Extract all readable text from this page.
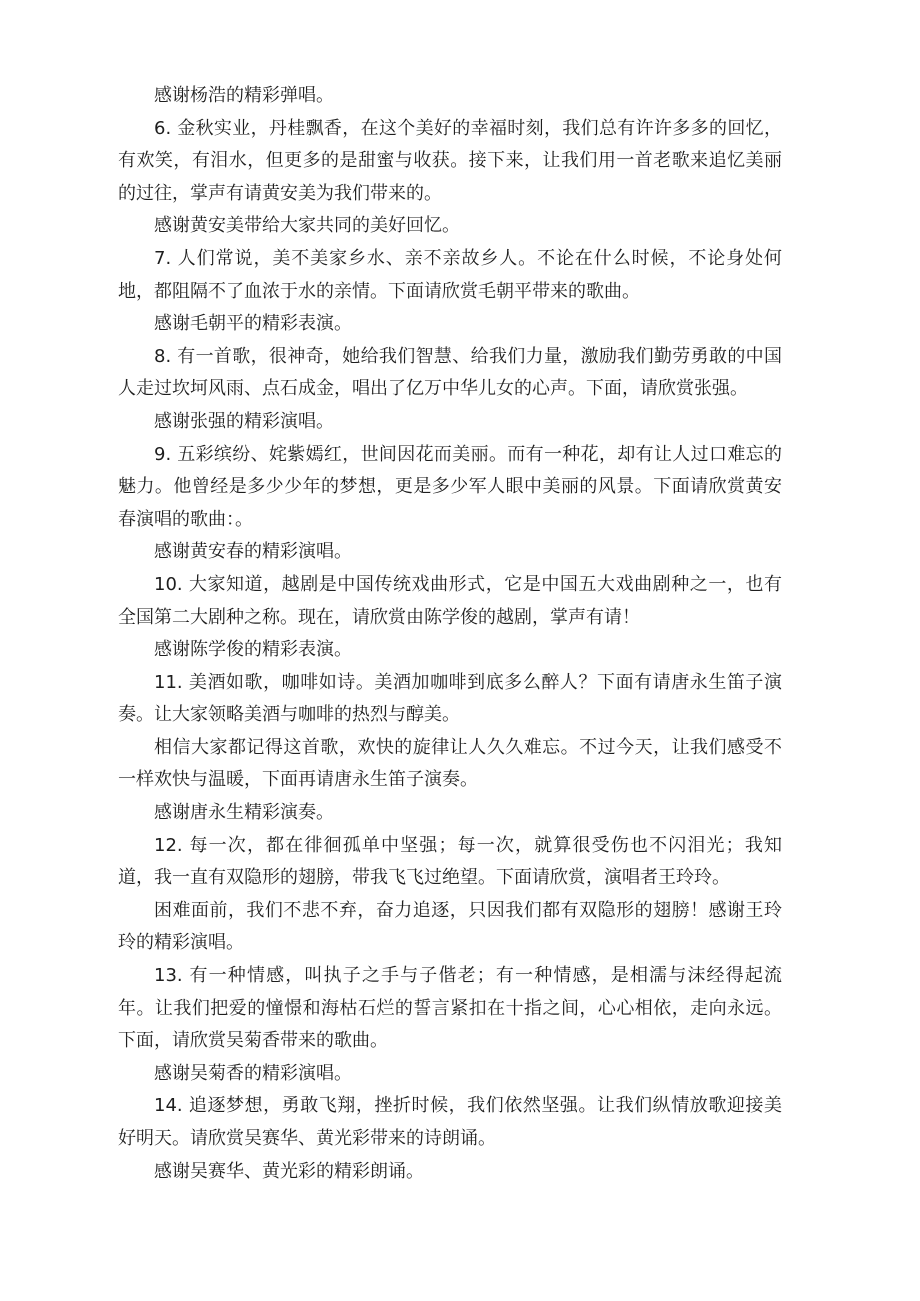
感谢杨浩的精彩弹唱。

6. 金秋实业，丹桂飘香，在这个美好的幸福时刻，我们总有许许多多的回忆，有欢笑，有泪水，但更多的是甜蜜与收获。接下来，让我们用一首老歌来追忆美丽的过往，掌声有请黄安美为我们带来的。

感谢黄安美带给大家共同的美好回忆。

7. 人们常说，美不美家乡水、亲不亲故乡人。不论在什么时候，不论身处何地，都阻隔不了血浓于水的亲情。下面请欣赏毛朝平带来的歌曲。

感谢毛朝平的精彩表演。

8. 有一首歌，很神奇，她给我们智慧、给我们力量，激励我们勤劳勇敢的中国人走过坎坷风雨、点石成金，唱出了亿万中华儿女的心声。下面，请欣赏张强。

感谢张强的精彩演唱。

9. 五彩缤纷、姹紫嫣红，世间因花而美丽。而有一种花，却有让人过口难忘的魅力。他曾经是多少少年的梦想，更是多少军人眼中美丽的风景。下面请欣赏黄安春演唱的歌曲：。

感谢黄安春的精彩演唱。

10. 大家知道，越剧是中国传统戏曲形式，它是中国五大戏曲剧种之一，也有全国第二大剧种之称。现在，请欣赏由陈学俊的越剧，掌声有请！

感谢陈学俊的精彩表演。

11. 美酒如歌，咖啡如诗。美酒加咖啡到底多么醉人？下面有请唐永生笛子演奏。让大家领略美酒与咖啡的热烈与醇美。

相信大家都记得这首歌，欢快的旋律让人久久难忘。不过今天，让我们感受不一样欢快与温暖，下面再请唐永生笛子演奏。

感谢唐永生精彩演奏。

12. 每一次，都在徘徊孤单中坚强；每一次，就算很受伤也不闪泪光；我知道，我一直有双隐形的翅膀，带我飞飞过绝望。下面请欣赏，演唱者王玲玲。

困难面前，我们不悲不弃，奋力追逐，只因我们都有双隐形的翅膀！感谢王玲玲的精彩演唱。

13. 有一种情感，叫执子之手与子偕老；有一种情感，是相濡与沫经得起流年。让我们把爱的憧憬和海枯石烂的誓言紧扣在十指之间，心心相依，走向永远。下面，请欣赏吴菊香带来的歌曲。

感谢吴菊香的精彩演唱。

14. 追逐梦想，勇敢飞翔，挫折时候，我们依然坚强。让我们纵情放歌迎接美好明天。请欣赏吴赛华、黄光彩带来的诗朗诵。

感谢吴赛华、黄光彩的精彩朗诵。
